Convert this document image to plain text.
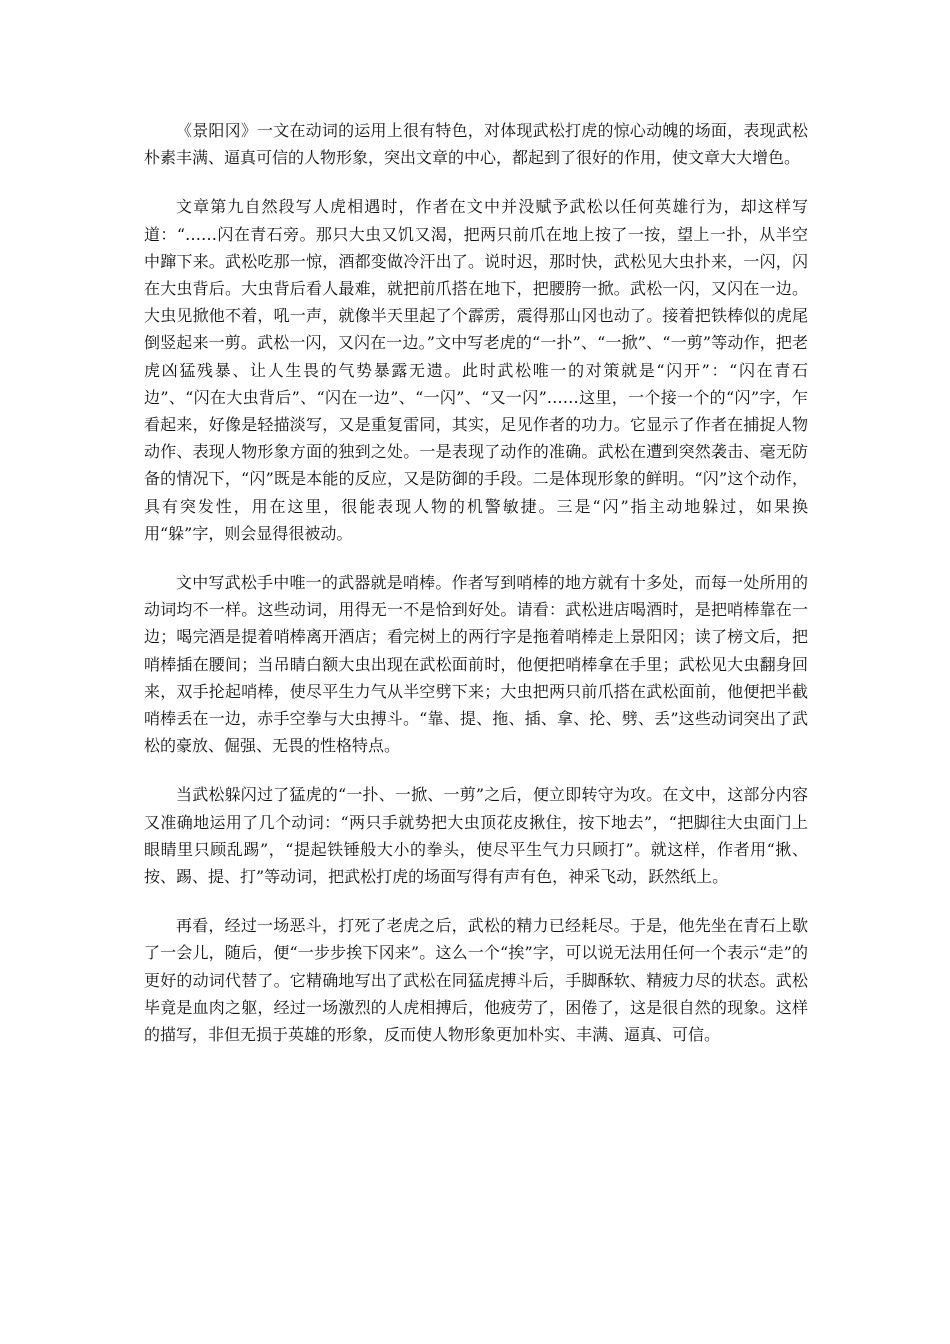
《景阳冈》一文在动词的运用上很有特色，对体现武松打虎的惊心动魄的场面，表现武松朴素丰满、逼真可信的人物形象，突出文章的中心，都起到了很好的作用，使文章大大增色。

文章第九自然段写人虎相遇时，作者在文中并没赋予武松以任何英雄行为，却这样写道：“……闪在青石旁。那只大虫又饥又渴，把两只前爪在地上按了一按，望上一扑，从半空中蹿下来。武松吃那一惊，酒都变做冷汗出了。说时迟，那时快，武松见大虫扑来，一闪，闪在大虫背后。大虫背后看人最难，就把前爪搭在地下，把腰胯一掀。武松一闪，又闪在一边。大虫见掀他不着，吼一声，就像半天里起了个霹雳，震得那山冈也动了。接着把铁棒似的虎尾倒竖起来一剪。武松一闪，又闪在一边。”文中写老虎的“一扑”、“一掀”、“一剪”等动作，把老虎凶猛残暴、让人生畏的气势暴露无遗。此时武松唯一的对策就是“闪开”：“闪在青石边”、“闪在大虫背后”、“闪在一边”、“一闪”、“又一闪”……这里，一个接一个的“闪”字，乍看起来，好像是轻描淡写，又是重复雷同，其实，足见作者的功力。它显示了作者在捕捉人物动作、表现人物形象方面的独到之处。一是表现了动作的准确。武松在遭到突然袭击、毫无防备的情况下，“闪”既是本能的反应，又是防御的手段。二是体现形象的鲜明。“闪”这个动作，具有突发性，用在这里，很能表现人物的机警敏捷。三是“闪”指主动地躲过，如果换用“躲”字，则会显得很被动。

文中写武松手中唯一的武器就是哨棒。作者写到哨棒的地方就有十多处，而每一处所用的动词均不一样。这些动词，用得无一不是恰到好处。请看：武松进店喝酒时，是把哨棒靠在一边；喝完酒是提着哨棒离开酒店；看完树上的两行字是拖着哨棒走上景阳冈；读了榜文后，把哨棒插在腰间；当吊睛白额大虫出现在武松面前时，他便把哨棒拿在手里；武松见大虫翻身回来，双手抡起哨棒，使尽平生力气从半空劈下来；大虫把两只前爪搭在武松面前，他便把半截哨棒丢在一边，赤手空拳与大虫搏斗。“靠、提、拖、插、拿、抡、劈、丢”这些动词突出了武松的豪放、倔强、无畏的性格特点。

当武松躲闪过了猛虎的“一扑、一掀、一剪”之后，便立即转守为攻。在文中，这部分内容又准确地运用了几个动词：“两只手就势把大虫顶花皮揪住，按下地去”，“把脚往大虫面门上眼睛里只顾乱踢”，“提起铁锤般大小的拳头，使尽平生气力只顾打”。就这样，作者用“揪、按、踢、提、打”等动词，把武松打虎的场面写得有声有色，神采飞动，跃然纸上。

再看，经过一场恶斗，打死了老虎之后，武松的精力已经耗尽。于是，他先坐在青石上歇了一会儿，随后，便“一步步挨下冈来”。这么一个“挨”字，可以说无法用任何一个表示“走”的更好的动词代替了。它精确地写出了武松在同猛虎搏斗后，手脚酥软、精疲力尽的状态。武松毕竟是血肉之躯，经过一场激烈的人虎相搏后，他疲劳了，困倦了，这是很自然的现象。这样的描写，非但无损于英雄的形象，反而使人物形象更加朴实、丰满、逼真、可信。
